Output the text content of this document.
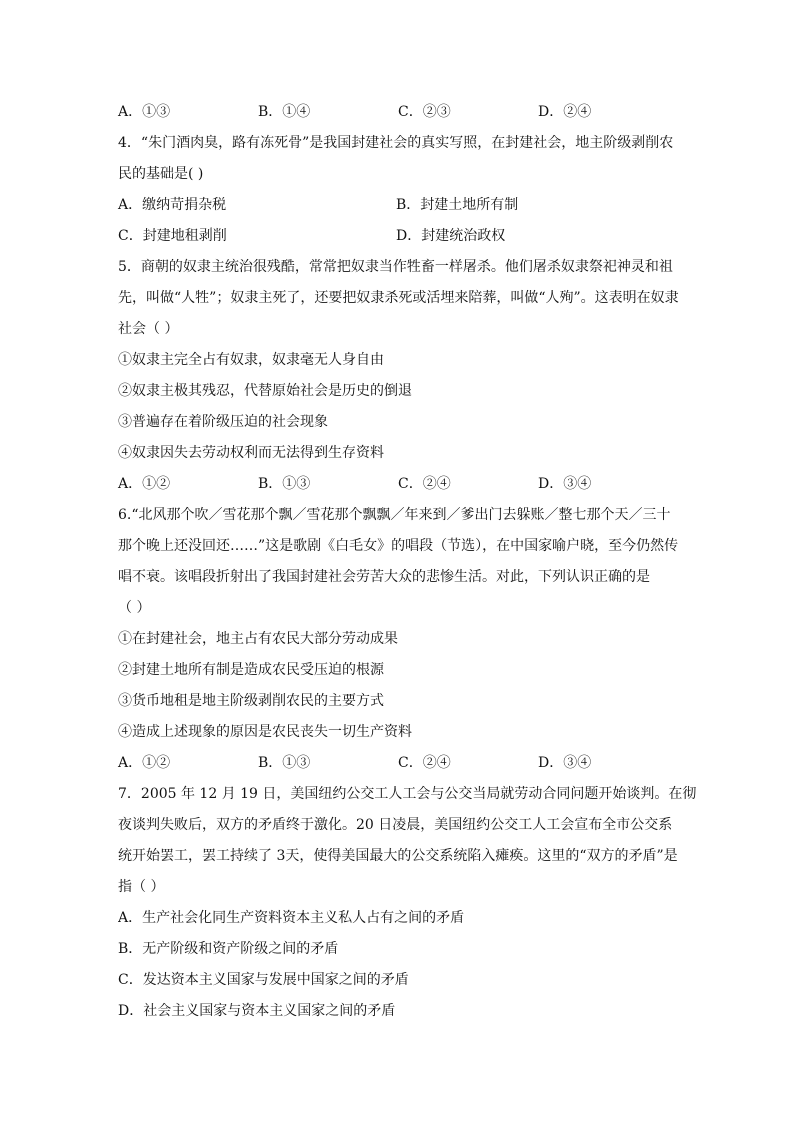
A．①③	B．①④	C．②③	D．②④
4．“朱门酒肉臭，路有冻死骨”是我国封建社会的真实写照，在封建社会，地主阶级剥削农
民的基础是( )
A．缴纳苛捐杂税	B．封建土地所有制
C．封建地租剥削	D．封建统治政权
5．商朝的奴隶主统治很残酷，常常把奴隶当作牲畜一样屠杀。他们屠杀奴隶祭祀神灵和祖
先，叫做“人牲”；奴隶主死了，还要把奴隶杀死或活埋来陪葬，叫做“人殉”。这表明在奴隶
社会（ ）
①奴隶主完全占有奴隶，奴隶毫无人身自由
②奴隶主极其残忍，代替原始社会是历史的倒退
③普遍存在着阶级压迫的社会现象
④奴隶因失去劳动权利而无法得到生存资料
A．①②	B．①③	C．②④	D．③④
6.“北风那个吹／雪花那个飘／雪花那个飘飘／年来到／爹出门去躲账／整七那个天／三十
那个晚上还没回还……”这是歌剧《白毛女》的唱段（节选），在中国家喻户晓，至今仍然传
唱不衰。该唱段折射出了我国封建社会劳苦大众的悲惨生活。对此，下列认识正确的是
（ ）
①在封建社会，地主占有农民大部分劳动成果
②封建土地所有制是造成农民受压迫的根源
③货币地租是地主阶级剥削农民的主要方式
④造成上述现象的原因是农民丧失一切生产资料
A．①②	B．①③	C．②④	D．③④
7．2005 年 12 月 19 日，美国纽约公交工人工会与公交当局就劳动合同问题开始谈判。在彻
夜谈判失败后，双方的矛盾终于激化。20 日凌晨，美国纽约公交工人工会宣布全市公交系
统开始罢工，罢工持续了 3天，使得美国最大的公交系统陷入瘫痪。这里的“双方的矛盾”是
指（ ）
A．生产社会化同生产资料资本主义私人占有之间的矛盾
B．无产阶级和资产阶级之间的矛盾
C．发达资本主义国家与发展中国家之间的矛盾
D．社会主义国家与资本主义国家之间的矛盾
